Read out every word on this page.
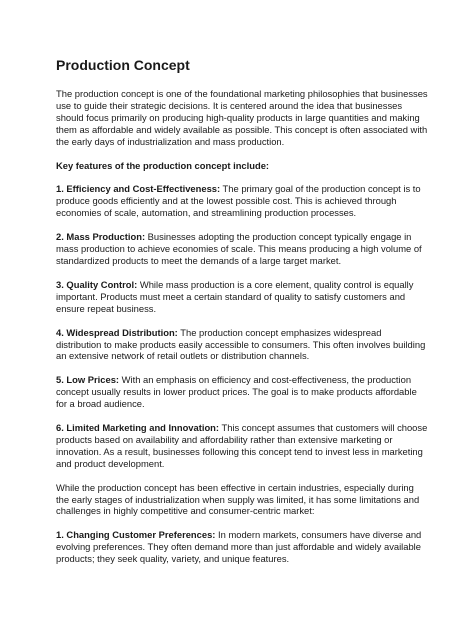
Production Concept

The production concept is one of the foundational marketing philosophies that businesses use to guide their strategic decisions. It is centered around the idea that businesses should focus primarily on producing high-quality products in large quantities and making them as affordable and widely available as possible. This concept is often associated with the early days of industrialization and mass production.

Key features of the production concept include:

1. Efficiency and Cost-Effectiveness: The primary goal of the production concept is to produce goods efficiently and at the lowest possible cost. This is achieved through economies of scale, automation, and streamlining production processes.

2. Mass Production: Businesses adopting the production concept typically engage in mass production to achieve economies of scale. This means producing a high volume of standardized products to meet the demands of a large target market.

3. Quality Control: While mass production is a core element, quality control is equally important. Products must meet a certain standard of quality to satisfy customers and ensure repeat business.

4. Widespread Distribution: The production concept emphasizes widespread distribution to make products easily accessible to consumers. This often involves building an extensive network of retail outlets or distribution channels.

5. Low Prices: With an emphasis on efficiency and cost-effectiveness, the production concept usually results in lower product prices. The goal is to make products affordable for a broad audience.

6. Limited Marketing and Innovation: This concept assumes that customers will choose products based on availability and affordability rather than extensive marketing or innovation. As a result, businesses following this concept tend to invest less in marketing and product development.

While the production concept has been effective in certain industries, especially during the early stages of industrialization when supply was limited, it has some limitations and challenges in highly competitive and consumer-centric market:

1. Changing Customer Preferences: In modern markets, consumers have diverse and evolving preferences. They often demand more than just affordable and widely available products; they seek quality, variety, and unique features.
